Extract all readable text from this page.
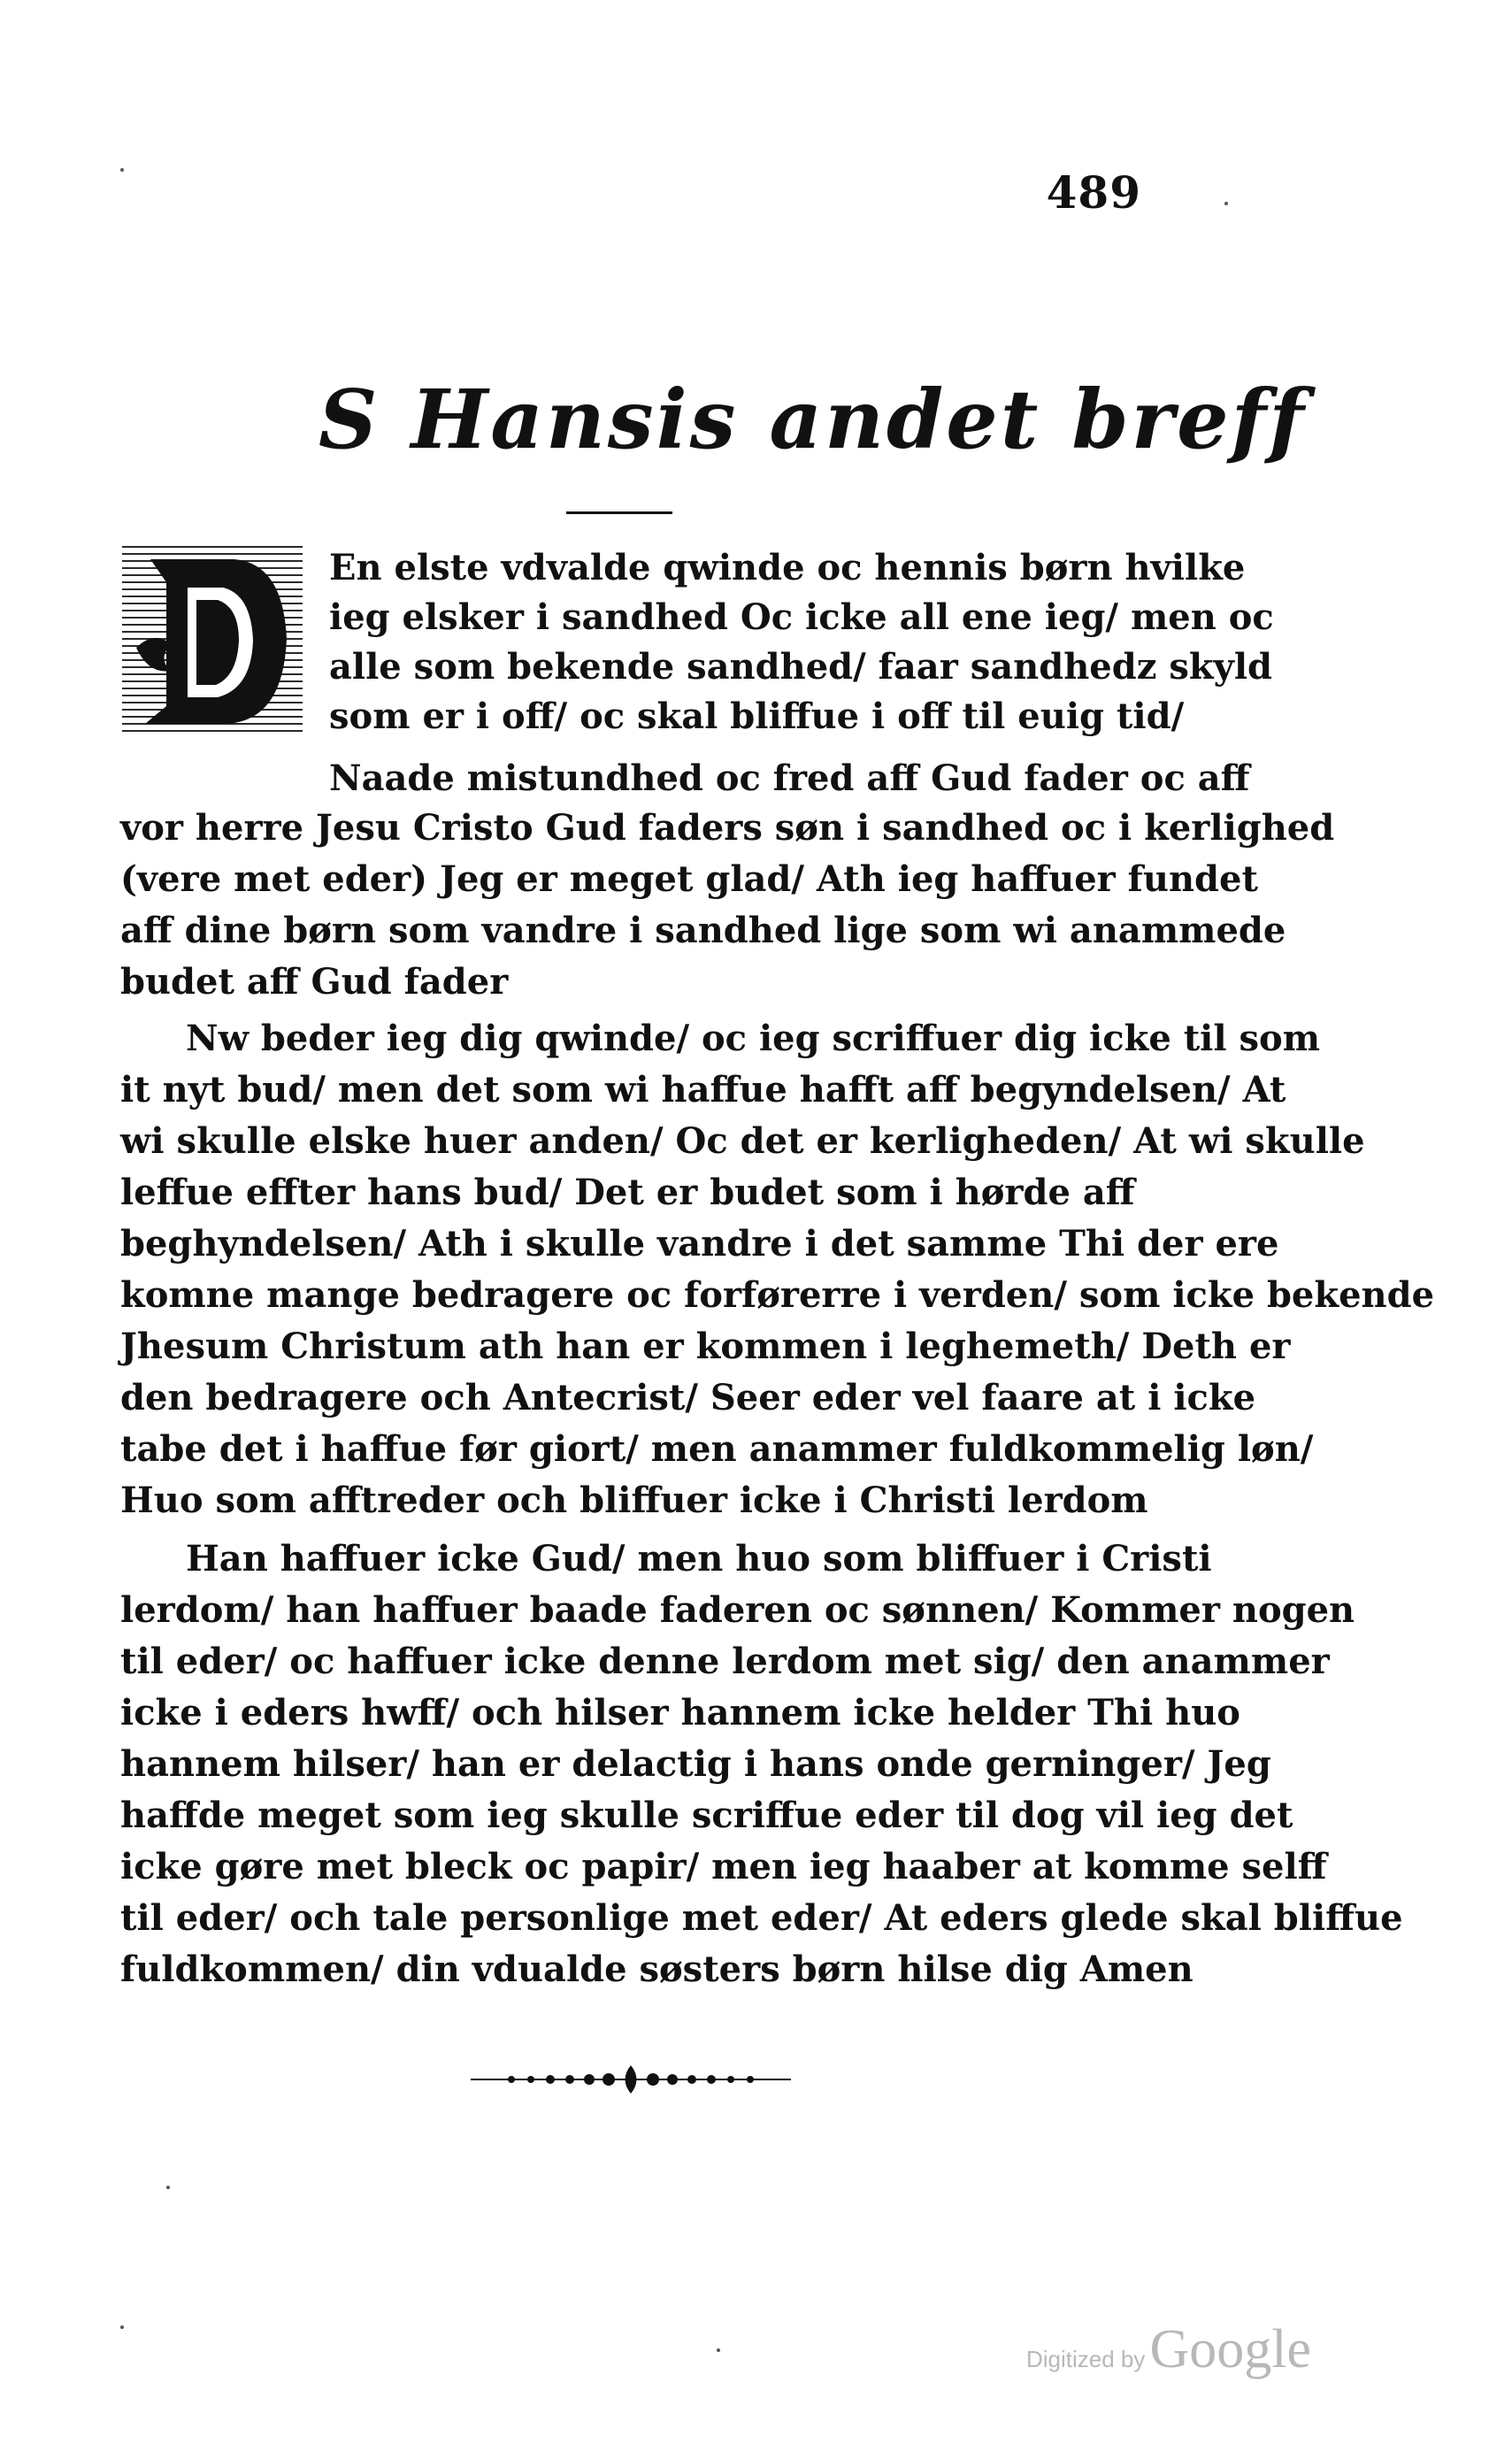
489
S Hansis andet breff
En elste vdvalde qwinde oc hennis børn hvilke
ieg elsker i sandhed Oc icke all ene ieg/ men oc
alle som bekende sandhed/ faar sandhedz skyld
som er i off/ oc skal bliffue i off til euig tid/
Naade mistundhed oc fred aff Gud fader oc aff
vor herre Jesu Cristo Gud faders søn i sandhed oc i kerlighed
(vere met eder) Jeg er meget glad/ Ath ieg haffuer fundet
aff dine børn som vandre i sandhed lige som wi anammede
budet aff Gud fader
Nw beder ieg dig qwinde/ oc ieg scriffuer dig icke til som
it nyt bud/ men det som wi haffue hafft aff begyndelsen/ At
wi skulle elske huer anden/ Oc det er kerligheden/ At wi skulle
leffue effter hans bud/ Det er budet som i hørde aff
beghyndelsen/ Ath i skulle vandre i det samme Thi der ere
komne mange bedragere oc forførerre i verden/ som icke bekende
Jhesum Christum ath han er kommen i leghemeth/ Deth er
den bedragere och Antecrist/ Seer eder vel faare at i icke
tabe det i haffue før giort/ men anammer fuldkommelig løn/
Huo som afftreder och bliffuer icke i Christi lerdom
Han haffuer icke Gud/ men huo som bliffuer i Cristi
lerdom/ han haffuer baade faderen oc sønnen/ Kommer nogen
til eder/ oc haffuer icke denne lerdom met sig/ den anammer
icke i eders hwff/ och hilser hannem icke helder Thi huo
hannem hilser/ han er delactig i hans onde gerninger/ Jeg
haffde meget som ieg skulle scriffue eder til dog vil ieg det
icke gøre met bleck oc papir/ men ieg haaber at komme selff
til eder/ och tale personlige met eder/ At eders glede skal bliffue
fuldkommen/ din vdualde søsters børn hilse dig Amen
Digitized by Google
